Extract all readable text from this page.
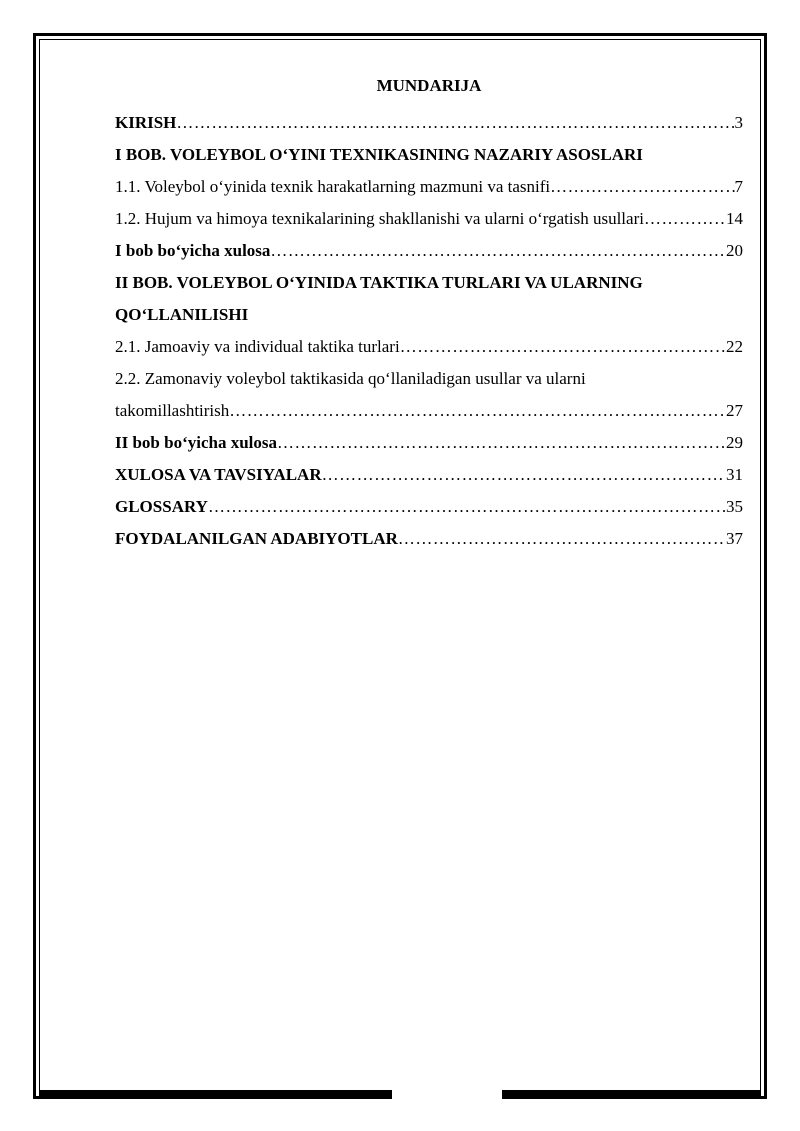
MUNDARIJA
KIRISH ……………………………………………………………………………………………………………………………………………………………………	3
I BOB. VOLEYBOL O‘YINI TEXNIKASINING NAZARIY ASOSLARI
1.1. Voleybol o‘yinida texnik harakatlarning mazmuni va tasnifi ……………………………………………………………………………………………………………………………………………………………………	7
1.2. Hujum va himoya texnikalarining shakllanishi va ularni o‘rgatish usullari ……………………………………………………………………………………………………………………………………………………………………	14
I bob bo‘yicha xulosa ……………………………………………………………………………………………………………………………………………………………………	20
II BOB. VOLEYBOL O‘YINIDA TAKTIKA TURLARI VA ULARNING
QO‘LLANILISHI
2.1. Jamoaviy va individual taktika turlari ……………………………………………………………………………………………………………………………………………………………………	22
2.2. Zamonaviy voleybol taktikasida qo‘llaniladigan usullar va ularni
takomillashtirish ……………………………………………………………………………………………………………………………………………………………………	27
II bob bo‘yicha xulosa ……………………………………………………………………………………………………………………………………………………………………	29
XULOSA VA TAVSIYALAR ……………………………………………………………………………………………………………………………………………………………………	31
GLOSSARY ……………………………………………………………………………………………………………………………………………………………………	35
FOYDALANILGAN ADABIYOTLAR ……………………………………………………………………………………………………………………………………………………………………	37
